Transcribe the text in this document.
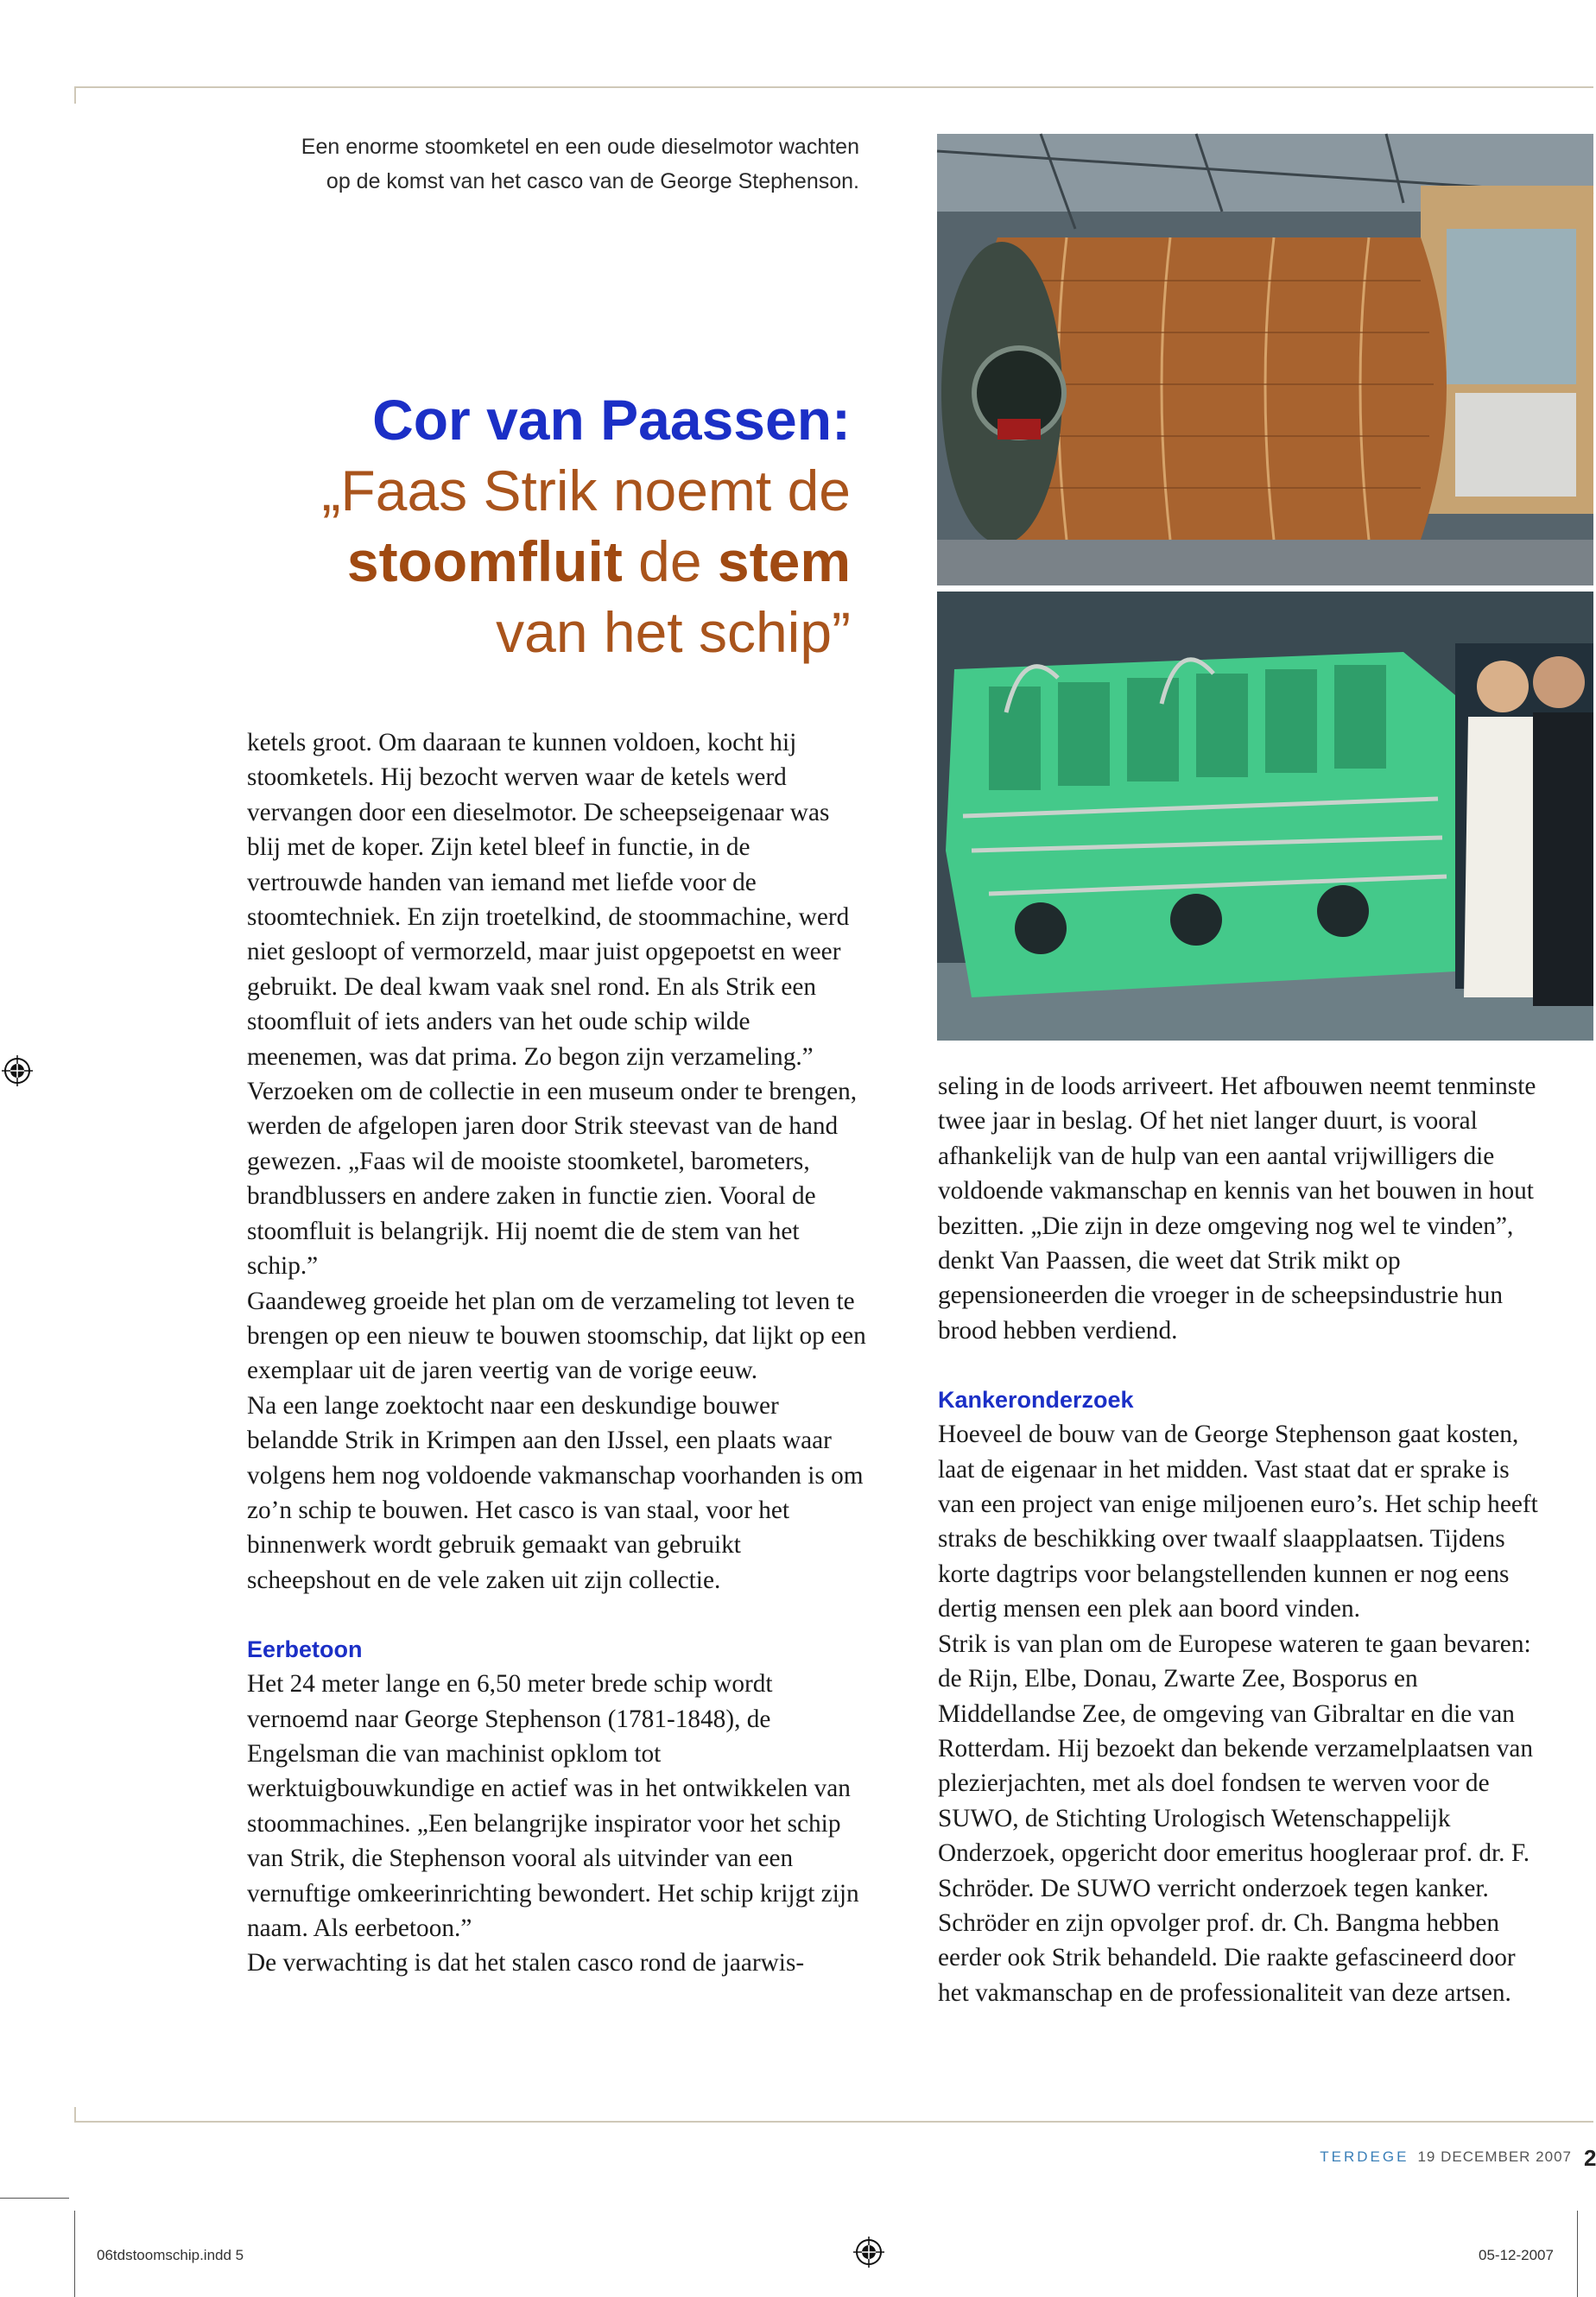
Een enorme stoomketel en een oude dieselmotor wachten
op de komst van het casco van de George Stephenson.
Cor van Paassen:
„Faas Strik noemt de
stoomfluit de stem
van het schip”

ketels groot. Om daaraan te kunnen voldoen, kocht hij stoomketels. Hij bezocht werven waar de ketels werd vervangen door een dieselmotor. De scheepseigenaar was blij met de koper. Zijn ketel bleef in functie, in de vertrouwde handen van iemand met liefde voor de stoomtechniek. En zijn troetelkind, de stoommachine, werd niet gesloopt of vermorzeld, maar juist opgepoetst en weer gebruikt. De deal kwam vaak snel rond. En als Strik een stoomfluit of iets anders van het oude schip wilde meenemen, was dat prima. Zo begon zijn verzameling.”

Verzoeken om de collectie in een museum onder te brengen, werden de afgelopen jaren door Strik steevast van de hand gewezen. „Faas wil de mooiste stoomketel, barometers, brandblussers en andere zaken in functie zien. Vooral de stoomfluit is belangrijk. Hij noemt die de stem van het schip.”

Gaandeweg groeide het plan om de verzameling tot leven te brengen op een nieuw te bouwen stoomschip, dat lijkt op een exemplaar uit de jaren veertig van de vorige eeuw.

Na een lange zoektocht naar een deskundige bouwer belandde Strik in Krimpen aan den IJssel, een plaats waar volgens hem nog voldoende vakmanschap voorhanden is om zo’n schip te bouwen. Het casco is van staal, voor het binnenwerk wordt gebruik gemaakt van gebruikt scheepshout en de vele zaken uit zijn collectie.

Eerbetoon

Het 24 meter lange en 6,50 meter brede schip wordt vernoemd naar George Stephenson (1781-1848), de Engelsman die van machinist opklom tot werktuigbouwkundige en actief was in het ontwikkelen van stoommachines. „Een belangrijke inspirator voor het schip van Strik, die Stephenson vooral als uitvinder van een vernuftige omkeerinrichting bewondert. Het schip krijgt zijn naam. Als eerbetoon.”

De verwachting is dat het stalen casco rond de jaarwis-

seling in de loods arriveert. Het afbouwen neemt tenminste twee jaar in beslag. Of het niet langer duurt, is vooral afhankelijk van de hulp van een aantal vrijwilligers die voldoende vakmanschap en kennis van het bouwen in hout bezitten. „Die zijn in deze omgeving nog wel te vinden”, denkt Van Paassen, die weet dat Strik mikt op gepensioneerden die vroeger in de scheepsindustrie hun brood hebben verdiend.

Kankeronderzoek

Hoeveel de bouw van de George Stephenson gaat kosten, laat de eigenaar in het midden. Vast staat dat er sprake is van een project van enige miljoenen euro’s. Het schip heeft straks de beschikking over twaalf slaapplaatsen. Tijdens korte dagtrips voor belangstellenden kunnen er nog eens dertig mensen een plek aan boord vinden.

Strik is van plan om de Europese wateren te gaan bevaren: de Rijn, Elbe, Donau, Zwarte Zee, Bosporus en Middellandse Zee, de omgeving van Gibraltar en die van Rotterdam. Hij bezoekt dan bekende verzamelplaatsen van plezierjachten, met als doel fondsen te werven voor de SUWO, de Stichting Urologisch Wetenschappelijk Onderzoek, opgericht door emeritus hoogleraar prof. dr. F. Schröder. De SUWO verricht onderzoek tegen kanker. Schröder en zijn opvolger prof. dr. Ch. Bangma hebben eerder ook Strik behandeld. Die raakte gefascineerd door het vakmanschap en de professionaliteit van deze artsen.

TERDEGE 19 DECEMBER 2007 2
06tdstoomschip.indd 5	05-12-2007
